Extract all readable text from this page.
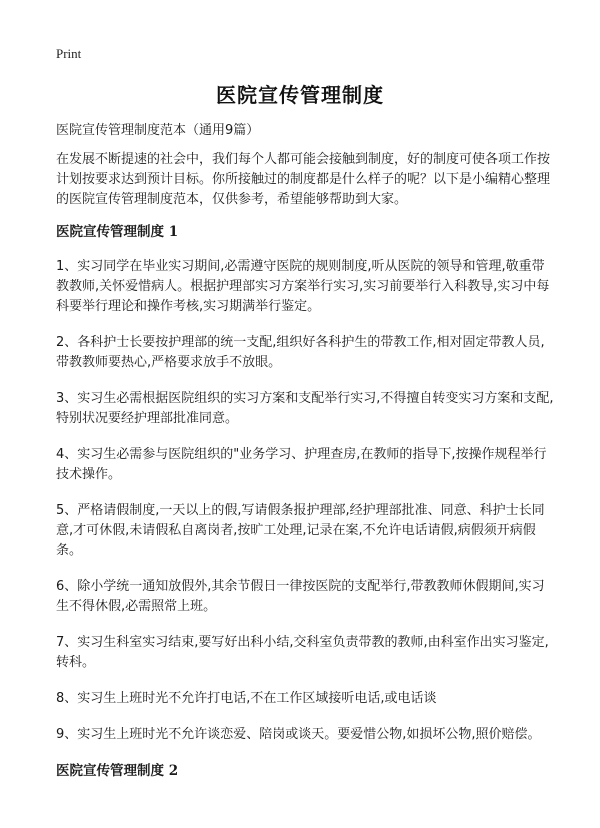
Print
医院宣传管理制度

医院宣传管理制度范本（通用9篇）

在发展不断提速的社会中，我们每个人都可能会接触到制度，好的制度可使各项工作按计划按要求达到预计目标。你所接触过的制度都是什么样子的呢？以下是小编精心整理的医院宣传管理制度范本，仅供参考，希望能够帮助到大家。

医院宣传管理制度 1

1、实习同学在毕业实习期间,必需遵守医院的规则制度,听从医院的领导和管理,敬重带教教师,关怀爱惜病人。根据护理部实习方案举行实习,实习前要举行入科教导,实习中每科要举行理论和操作考核,实习期满举行鉴定。

2、各科护士长要按护理部的统一支配,组织好各科护生的带教工作,相对固定带教人员,带教教师要热心,严格要求放手不放眼。

3、实习生必需根据医院组织的实习方案和支配举行实习,不得擅自转变实习方案和支配,特别状况要经护理部批准同意。

4、实习生必需参与医院组织的"业务学习、护理查房,在教师的指导下,按操作规程举行技术操作。

5、严格请假制度,一天以上的假,写请假条报护理部,经护理部批准、同意、科护士长同意,才可休假,未请假私自离岗者,按旷工处理,记录在案,不允许电话请假,病假须开病假条。

6、除小学统一通知放假外,其余节假日一律按医院的支配举行,带教教师休假期间,实习生不得休假,必需照常上班。

7、实习生科室实习结束,要写好出科小结,交科室负责带教的教师,由科室作出实习鉴定,转科。

8、实习生上班时光不允许打电话,不在工作区域接听电话,或电话谈

9、实习生上班时光不允许谈恋爱、陪岗或谈天。要爱惜公物,如损坏公物,照价赔偿。

医院宣传管理制度 2
